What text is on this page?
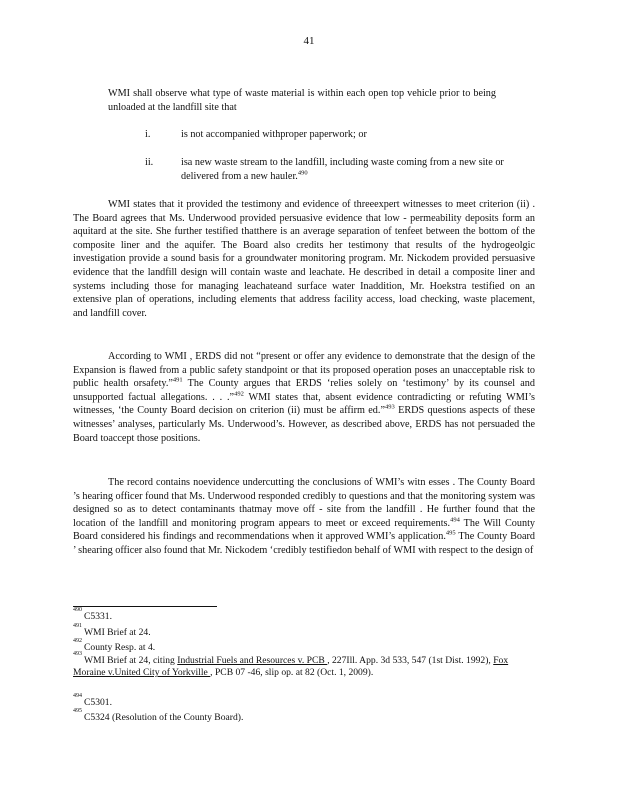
41
WMI shall observe what type of waste material is within each open top vehicle prior to being unloaded at the landfill site that
i.	is not accompanied withproper paperwork; or
ii.	isa new waste stream to the landfill, including waste coming from a new site or delivered from a new hauler.$^{490}$
WMI states that it provided the testimony and evidence of threeexpert witnesses to meet criterion (ii) . The Board agrees that Ms. Underwood provided persuasive evidence that low - permeability deposits form an aquitard at the site. She further testified thatthere is an average separation of tenfeet between the bottom of the composite liner and the aquifer. The Board also credits her testimony that results of the hydrogeolgic investigation provide a sound basis for a groundwater monitoring program. Mr. Nickodem provided persuasive evidence that the landfill design will contain waste and leachate. He described in detail a composite liner and systems including those for managing leachateand surface water Inaddition, Mr. Hoekstra testified on an extensive plan of operations, including elements that address facility access, load checking, waste placement, and landfill cover.
According to WMI , ERDS did not “present or offer any evidence to demonstrate that the design of the Expansion is flawed from a public safety standpoint or that its proposed operation poses an unacceptable risk to public health orsafety.”$^{491}$ The County argues that ERDS ‘relies solely on ‘testimony’ by its counsel and unsupported factual allegations. . . .”$^{492}$ WMI states that, absent evidence contradicting or refuting WMI’s witnesses, ‘the County Board decision on criterion (ii) must be affirm ed.”$^{493}$ ERDS questions aspects of these witnesses’ analyses, particularly Ms. Underwood’s. However, as described above, ERDS has not persuaded the Board toaccept those positions.
The record contains noevidence undercutting the conclusions of WMI’s witn esses . The County Board ’s hearing officer found that Ms. Underwood responded credibly to questions and that the monitoring system was designed so as to detect contaminants thatmay move off - site from the landfill . He further found that the location of the landfill and monitoring program appears to meet or exceed requirements.$^{494}$ The Will County Board considered his findings and recommendations when it approved WMI’s application.$^{495}$ The County Board ’ shearing officer also found that Mr. Nickodem ‘credibly testifiedon behalf of WMI with respect to the design of
$^{490}$C5331.
$^{491}$WMI Brief at 24.
$^{492}$County Resp. at 4.
$^{493}$WMI Brief at 24, citing Industrial Fuels and Resources v. PCB , 227Ill. App. 3d 533, 547 (1st Dist. 1992), Fox Moraine v.United City of Yorkville , PCB 07 -46, slip op. at 82 (Oct. 1, 2009).
$^{494}$C5301.
$^{495}$C5324 (Resolution of the County Board).
